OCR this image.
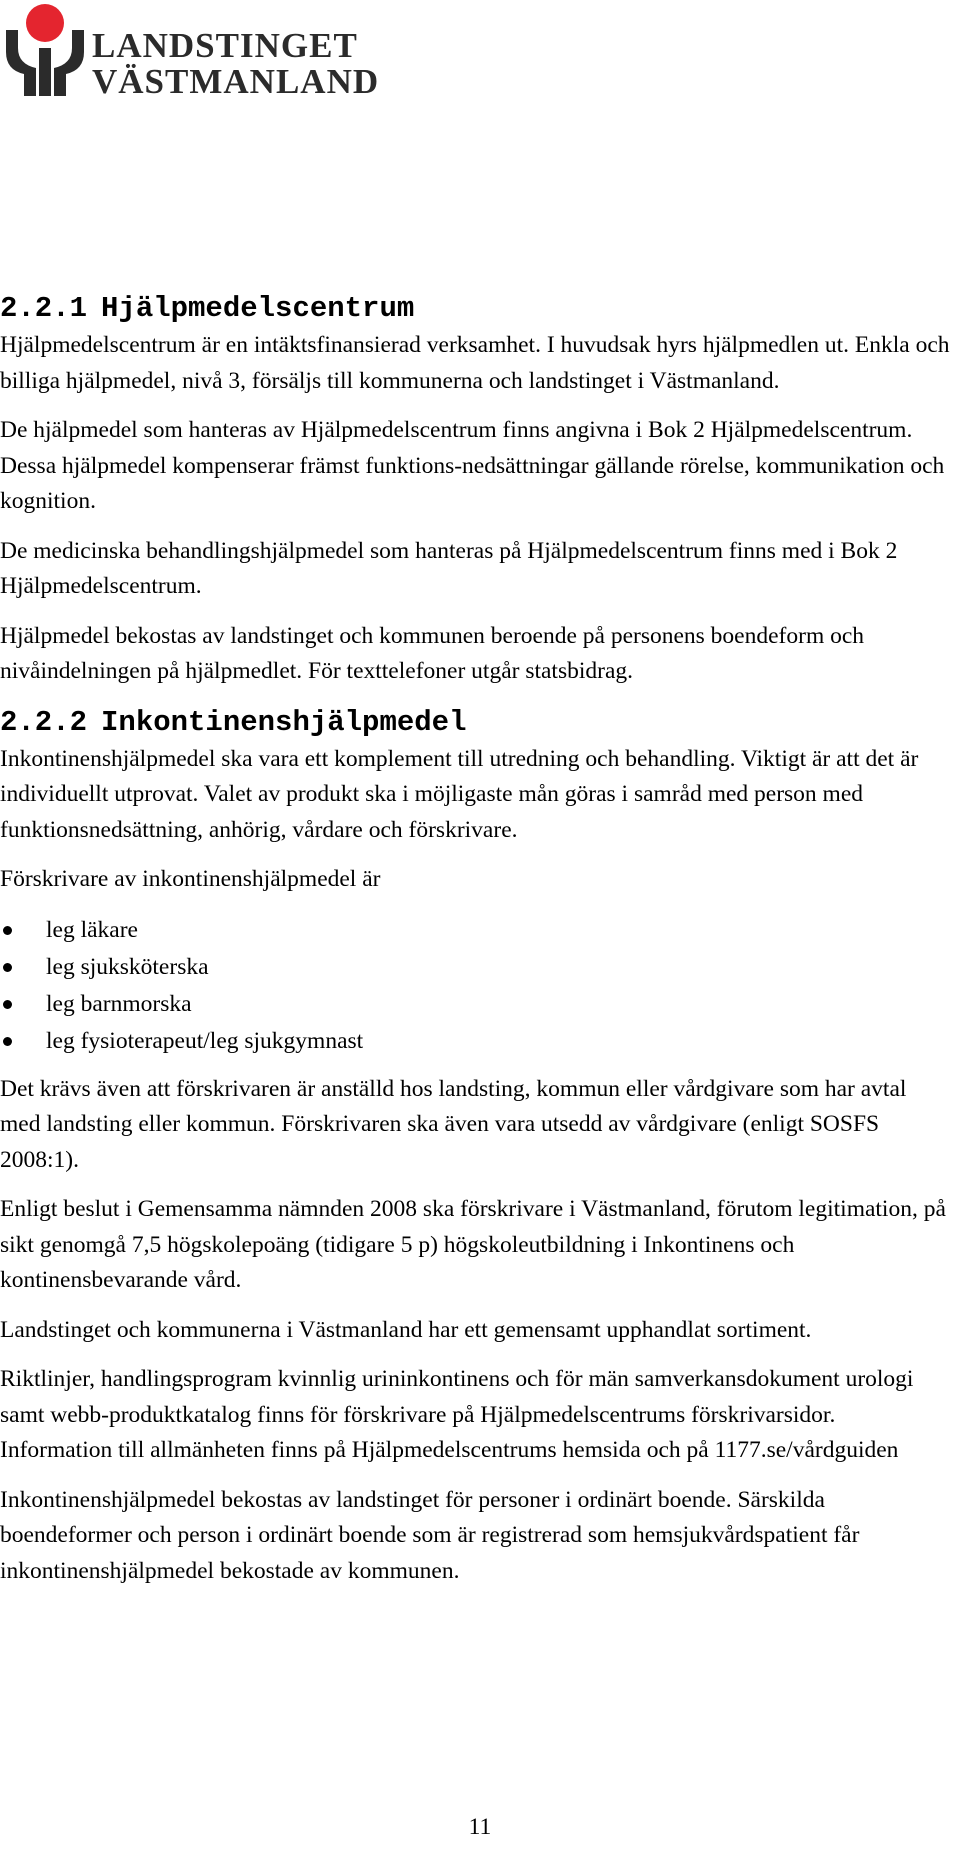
LANDSTINGET
VÄSTMANLAND
2.2.1 Hjälpmedelscentrum

Hjälpmedelscentrum är en intäktsfinansierad verksamhet. I huvudsak hyrs hjälpmedlen ut. Enkla och billiga hjälpmedel, nivå 3, försäljs till kommunerna och landstinget i Västmanland.

De hjälpmedel som hanteras av Hjälpmedelscentrum finns angivna i Bok 2 Hjälpmedelscentrum. Dessa hjälpmedel kompenserar främst funktions-nedsättningar gällande rörelse, kommunikation och kognition.

De medicinska behandlingshjälpmedel som hanteras på Hjälpmedelscentrum finns med i Bok 2 Hjälpmedelscentrum.

Hjälpmedel bekostas av landstinget och kommunen beroende på personens boendeform och nivåindelningen på hjälpmedlet. För texttelefoner utgår statsbidrag.

2.2.2 Inkontinenshjälpmedel

Inkontinenshjälpmedel ska vara ett komplement till utredning och behandling. Viktigt är att det är individuellt utprovat. Valet av produkt ska i möjligaste mån göras i samråd med person med funktionsnedsättning, anhörig, vårdare och förskrivare.

Förskrivare av inkontinenshjälpmedel är

leg läkare
leg sjuksköterska
leg barnmorska
leg fysioterapeut/leg sjukgymnast

Det krävs även att förskrivaren är anställd hos landsting, kommun eller vårdgivare som har avtal med landsting eller kommun. Förskrivaren ska även vara utsedd av vårdgivare (enligt SOSFS 2008:1).

Enligt beslut i Gemensamma nämnden 2008 ska förskrivare i Västmanland, förutom legitimation, på sikt genomgå 7,5 högskolepoäng (tidigare 5 p) högskoleutbildning i Inkontinens och kontinensbevarande vård.

Landstinget och kommunerna i Västmanland har ett gemensamt upphandlat sortiment.

Riktlinjer, handlingsprogram kvinnlig urininkontinens och för män samverkansdokument urologi samt webb-produktkatalog finns för förskrivare på Hjälpmedelscentrums förskrivarsidor. Information till allmänheten finns på Hjälpmedelscentrums hemsida och på 1177.se/vårdguiden

Inkontinenshjälpmedel bekostas av landstinget för personer i ordinärt boende. Särskilda boendeformer och person i ordinärt boende som är registrerad som hemsjukvårdspatient får inkontinenshjälpmedel bekostade av kommunen.

11
